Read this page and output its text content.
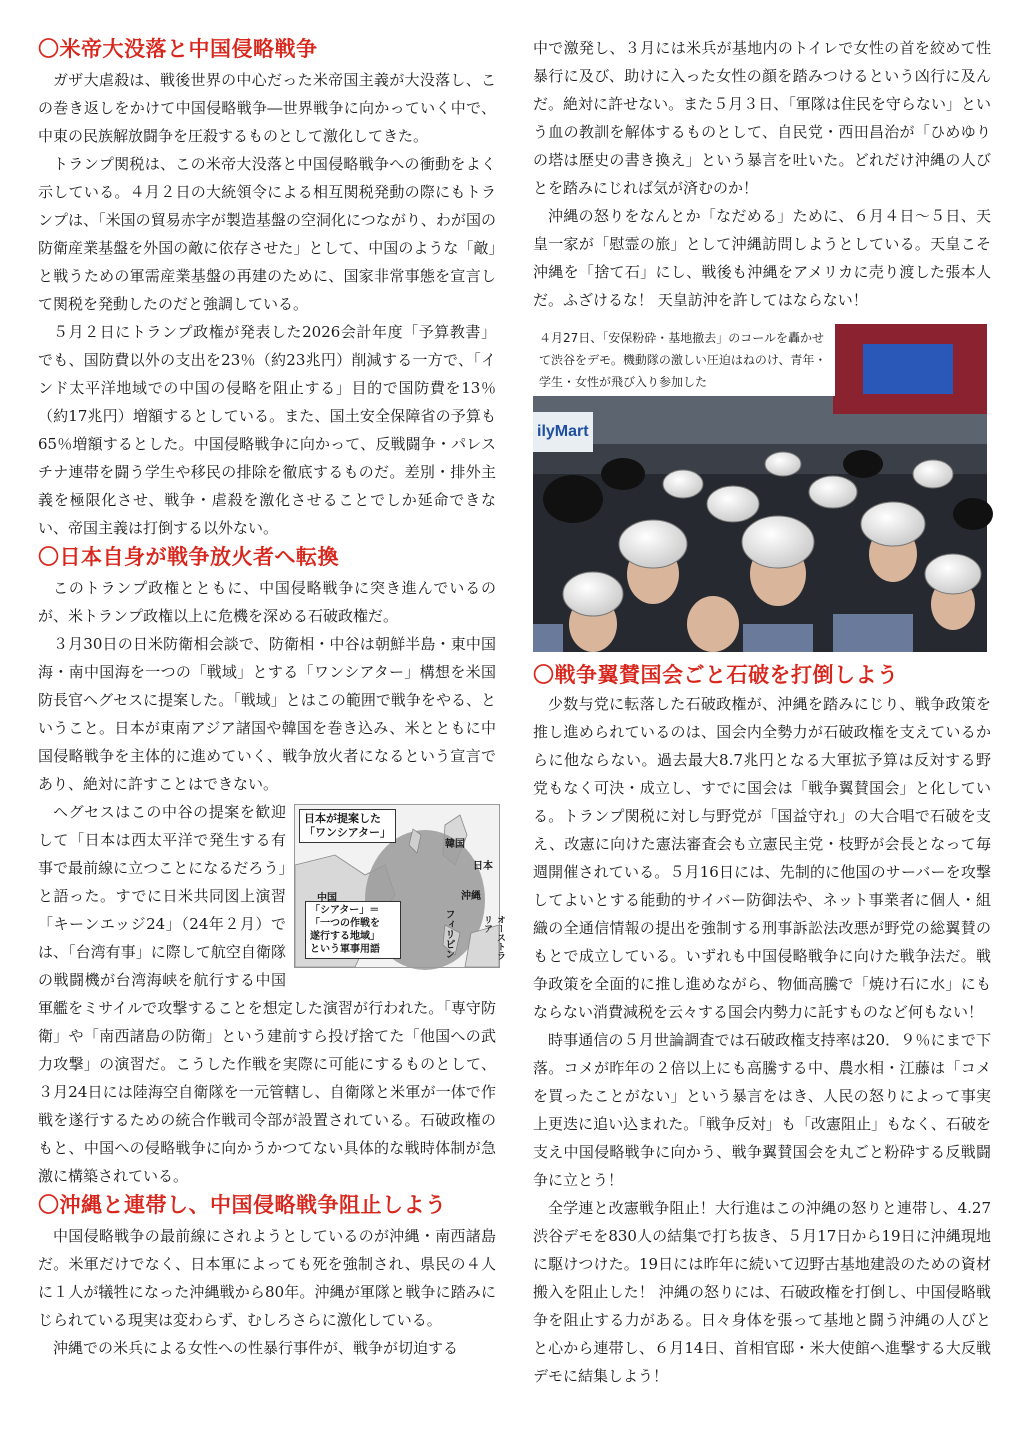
〇米帝大没落と中国侵略戦争

ガザ大虐殺は、戦後世界の中心だった米帝国主義が大没落し、この巻き返しをかけて中国侵略戦争―世界戦争に向かっていく中で、中東の民族解放闘争を圧殺するものとして激化してきた。

トランプ関税は、この米帝大没落と中国侵略戦争への衝動をよく示している。４月２日の大統領令による相互関税発動の際にもトランプは、「米国の貿易赤字が製造基盤の空洞化につながり、わが国の防衛産業基盤を外国の敵に依存させた」として、中国のような「敵」と戦うための軍需産業基盤の再建のために、国家非常事態を宣言して関税を発動したのだと強調している。

５月２日にトランプ政権が発表した2026会計年度「予算教書」でも、国防費以外の支出を23％（約23兆円）削減する一方で、「インド太平洋地域での中国の侵略を阻止する」目的で国防費を13％（約17兆円）増額するとしている。また、国土安全保障省の予算も65％増額するとした。中国侵略戦争に向かって、反戦闘争・パレスチナ連帯を闘う学生や移民の排除を徹底するものだ。差別・排外主義を極限化させ、戦争・虐殺を激化させることでしか延命できない、帝国主義は打倒する以外ない。

〇日本自身が戦争放火者へ転換

このトランプ政権とともに、中国侵略戦争に突き進んでいるのが、米トランプ政権以上に危機を深める石破政権だ。

３月30日の日米防衛相会談で、防衛相・中谷は朝鮮半島・東中国海・南中国海を一つの「戦域」とする「ワンシアター」構想を米国防長官ヘグセスに提案した。「戦域」とはこの範囲で戦争をやる、ということ。日本が東南アジア諸国や韓国を巻き込み、米とともに中国侵略戦争を主体的に進めていく、戦争放火者になるという宣言であり、絶対に許すことはできない。

日本が提案した
「ワンシアター」
「シアター」＝
「一つの作戦を
遂行する地域」
という軍事用語
韓国
日本
中国	沖縄
フィリピン	オーストラリア

ヘグセスはこの中谷の提案を歓迎して「日本は西太平洋で発生する有事で最前線に立つことになるだろう」と語った。すでに日米共同図上演習「キーンエッジ24」（24年２月）では、「台湾有事」に際して航空自衛隊の戦闘機が台湾海峡を航行する中国軍艦をミサイルで攻撃することを想定した演習が行われた。「専守防衛」や「南西諸島の防衛」という建前すら投げ捨てた「他国への武力攻撃」の演習だ。こうした作戦を実際に可能にするものとして、３月24日には陸海空自衛隊を一元管轄し、自衛隊と米軍が一体で作戦を遂行するための統合作戦司令部が設置されている。石破政権のもと、中国への侵略戦争に向かうかつてない具体的な戦時体制が急激に構築されている。

〇沖縄と連帯し、中国侵略戦争阻止しよう

中国侵略戦争の最前線にされようとしているのが沖縄・南西諸島だ。米軍だけでなく、日本軍によっても死を強制され、県民の４人に１人が犠牲になった沖縄戦から80年。沖縄が軍隊と戦争に踏みにじられている現実は変わらず、むしろさらに激化している。

沖縄での米兵による女性への性暴行事件が、戦争が切迫する

中で激発し、３月には米兵が基地内のトイレで女性の首を絞めて性暴行に及び、助けに入った女性の顔を踏みつけるという凶行に及んだ。絶対に許せない。また５月３日、「軍隊は住民を守らない」という血の教訓を解体するものとして、自民党・西田昌治が「ひめゆりの塔は歴史の書き換え」という暴言を吐いた。どれだけ沖縄の人びとを踏みにじれば気が済むのか！

沖縄の怒りをなんとか「なだめる」ために、６月４日～５日、天皇一家が「慰霊の旅」として沖縄訪問しようとしている。天皇こそ沖縄を「捨て石」にし、戦後も沖縄をアメリカに売り渡した張本人だ。ふざけるな！ 天皇訪沖を許してはならない！

ilyMart
４月27日、「安保粉砕・基地撤去」のコールを轟かせて渋谷をデモ。機動隊の激しい圧迫はねのけ、青年・学生・女性が飛び入り参加した
〇戦争翼賛国会ごと石破を打倒しよう

少数与党に転落した石破政権が、沖縄を踏みにじり、戦争政策を推し進められているのは、国会内全勢力が石破政権を支えているからに他ならない。過去最大8.7兆円となる大軍拡予算は反対する野党もなく可決・成立し、すでに国会は「戦争翼賛国会」と化している。トランプ関税に対し与野党が「国益守れ」の大合唱で石破を支え、改憲に向けた憲法審査会も立憲民主党・枝野が会長となって毎週開催されている。５月16日には、先制的に他国のサーバーを攻撃してよいとする能動的サイバー防御法や、ネット事業者に個人・組織の全通信情報の提出を強制する刑事訴訟法改悪が野党の総翼賛のもとで成立している。いずれも中国侵略戦争に向けた戦争法だ。戦争政策を全面的に推し進めながら、物価高騰で「焼け石に水」にもならない消費減税を云々する国会内勢力に託すものなど何もない！

時事通信の５月世論調査では石破政権支持率は20．９％にまで下落。コメが昨年の２倍以上にも高騰する中、農水相・江藤は「コメを買ったことがない」という暴言をはき、人民の怒りによって事実上更迭に追い込まれた。「戦争反対」も「改憲阻止」もなく、石破を支え中国侵略戦争に向かう、戦争翼賛国会を丸ごと粉砕する反戦闘争に立とう！

全学連と改憲戦争阻止！大行進はこの沖縄の怒りと連帯し、4.27渋谷デモを830人の結集で打ち抜き、５月17日から19日に沖縄現地に駆けつけた。19日には昨年に続いて辺野古基地建設のための資材搬入を阻止した！ 沖縄の怒りには、石破政権を打倒し、中国侵略戦争を阻止する力がある。日々身体を張って基地と闘う沖縄の人びとと心から連帯し、６月14日、首相官邸・米大使館へ進撃する大反戦デモに結集しよう！
